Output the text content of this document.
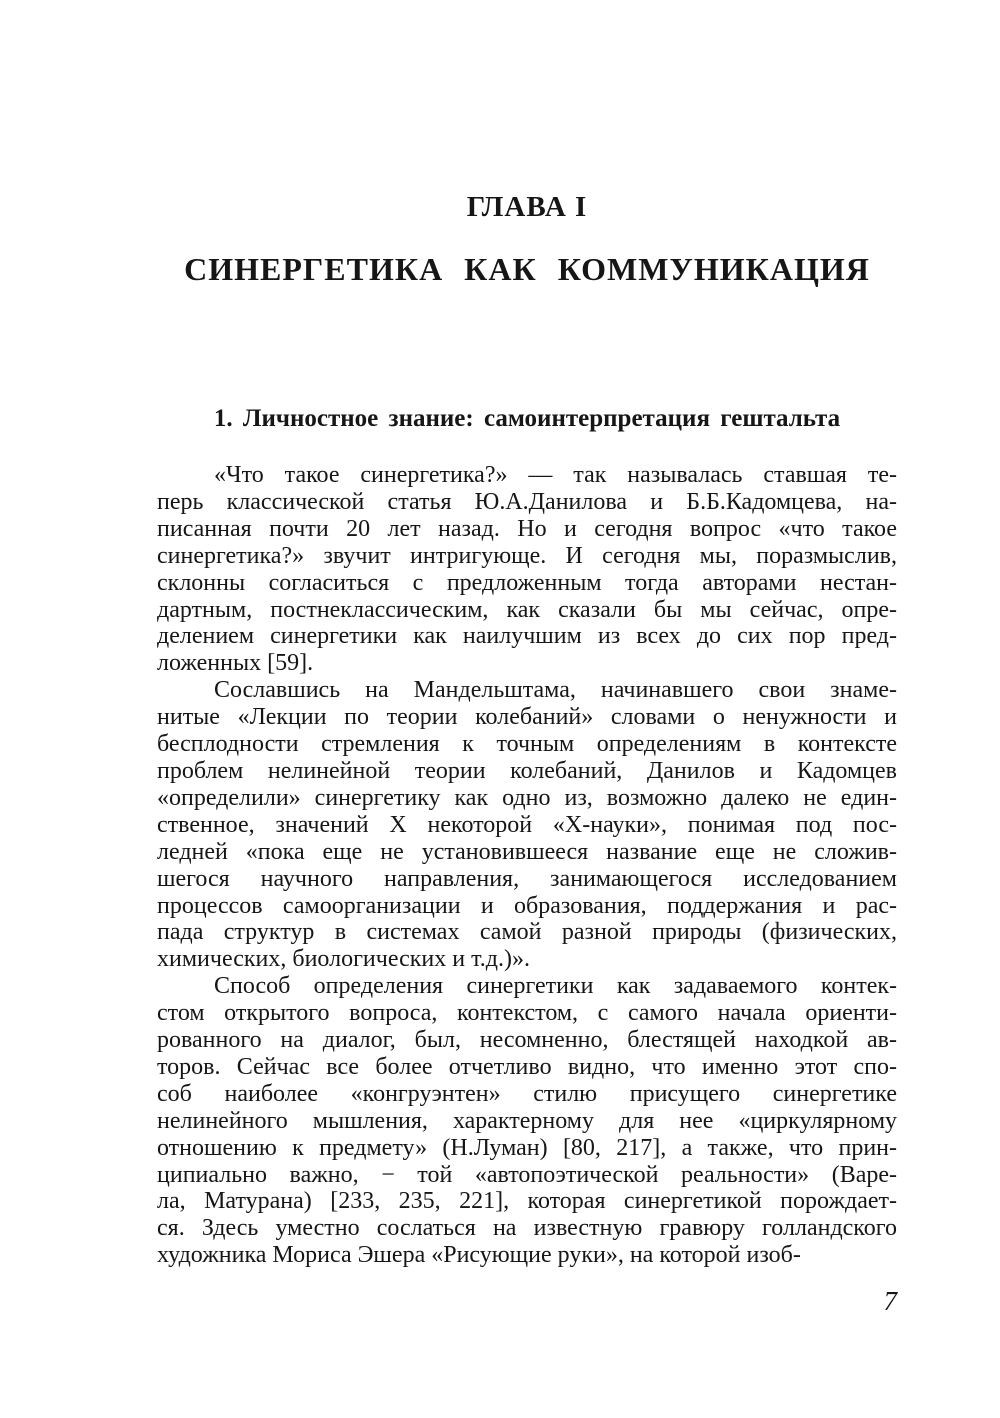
ГЛАВА I
СИНЕРГЕТИКА КАК КОММУНИКАЦИЯ
1. Личностное знание: самоинтерпретация гештальта
«Что такое синергетика?» — так называлась ставшая те-
перь классической статья Ю.А.Данилова и Б.Б.Кадомцева, на-
писанная почти 20 лет назад. Но и сегодня вопрос «что такое
синергетика?» звучит интригующе. И сегодня мы, поразмыслив,
склонны согласиться с предложенным тогда авторами нестан-
дартным, постнеклассическим, как сказали бы мы сейчас, опре-
делением синергетики как наилучшим из всех до сих пор пред-
ложенных [59].
Сославшись на Мандельштама, начинавшего свои знаме-
нитые «Лекции по теории колебаний» словами о ненужности и
бесплодности стремления к точным определениям в контексте
проблем нелинейной теории колебаний, Данилов и Кадомцев
«определили» синергетику как одно из, возможно далеко не един-
ственное, значений Х некоторой «Х-науки», понимая под пос-
ледней «пока еще не установившееся название еще не сложив-
шегося научного направления, занимающегося исследованием
процессов самоорганизации и образования, поддержания и рас-
пада структур в системах самой разной природы (физических,
химических, биологических и т.д.)».
Способ определения синергетики как задаваемого контек-
стом открытого вопроса, контекстом, с самого начала ориенти-
рованного на диалог, был, несомненно, блестящей находкой ав-
торов. Сейчас все более отчетливо видно, что именно этот спо-
соб наиболее «конгруэнтен» стилю присущего синергетике
нелинейного мышления, характерному для нее «циркулярному
отношению к предмету» (Н.Луман) [80, 217], а также, что прин-
ципиально важно, − той «автопоэтической реальности» (Варе-
ла, Матурана) [233, 235, 221], которая синергетикой порождает-
ся. Здесь уместно сослаться на известную гравюру голландского
художника Мориса Эшера «Рисующие руки», на которой изоб-
7
